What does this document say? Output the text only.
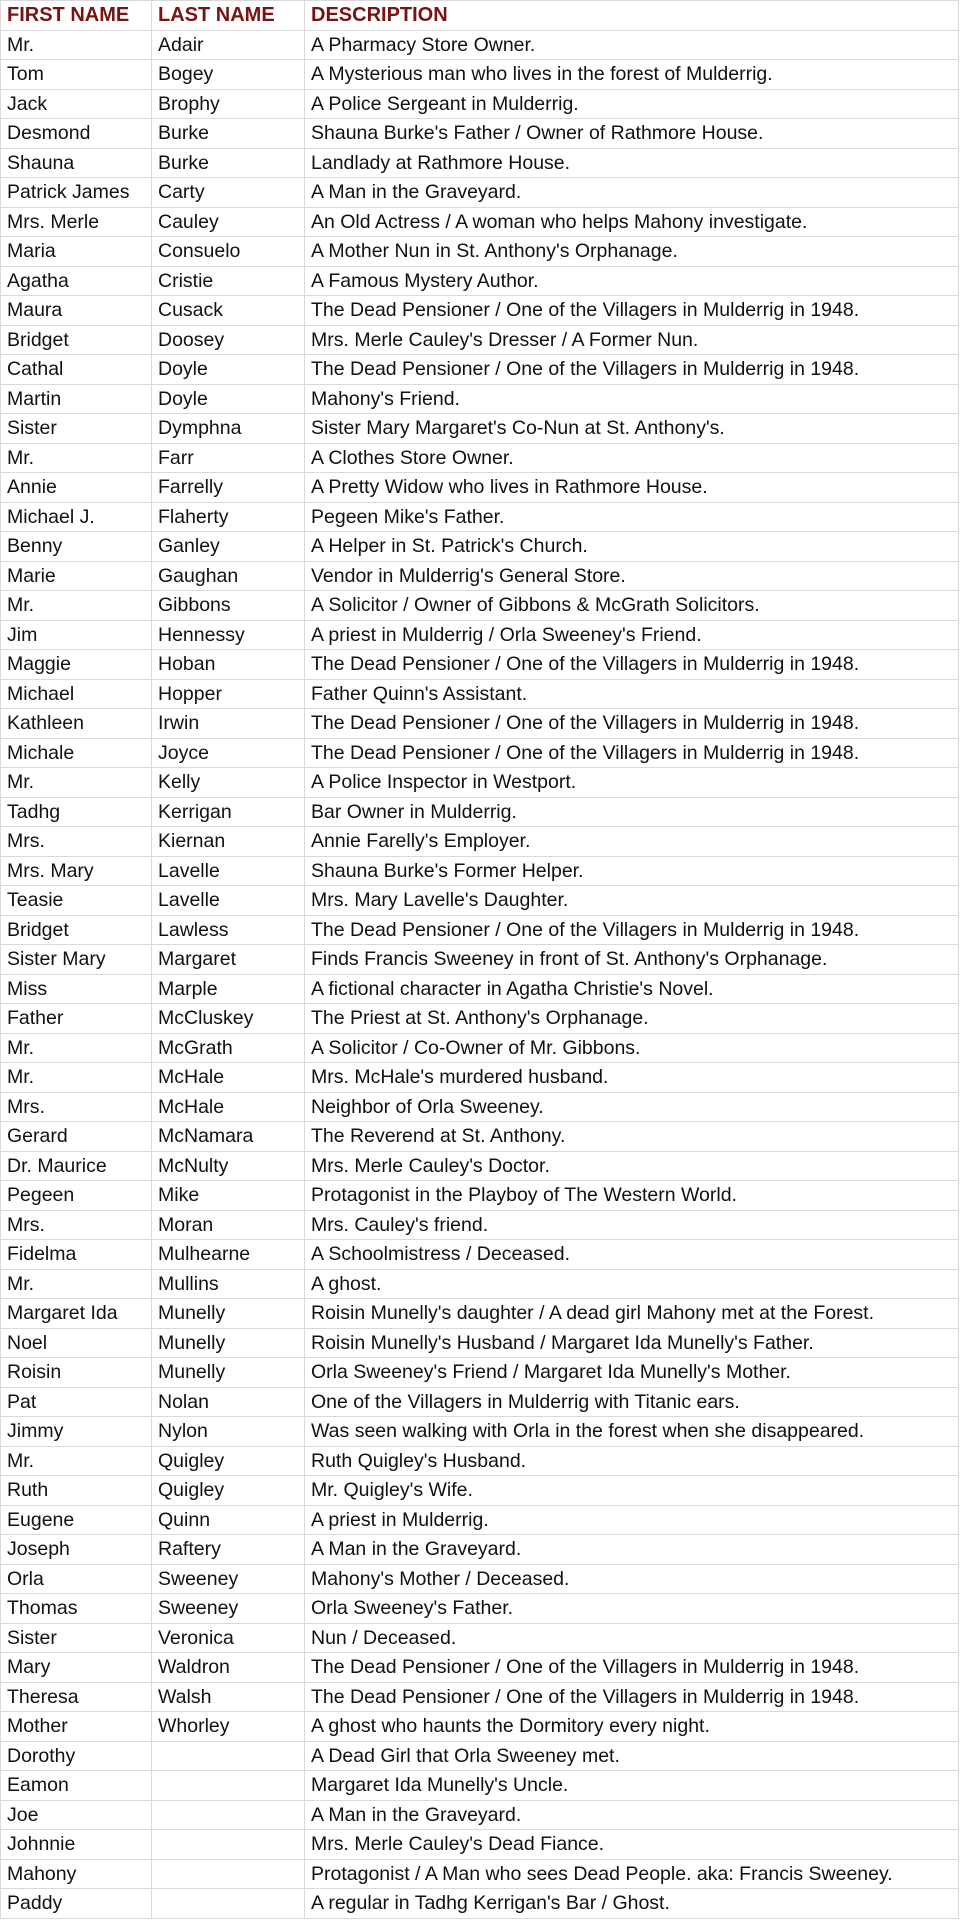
FIRST NAME	LAST NAME	DESCRIPTION
Mr.	Adair	A Pharmacy Store Owner.
Tom	Bogey	A Mysterious man who lives in the forest of Mulderrig.
Jack	Brophy	A Police Sergeant in Mulderrig.
Desmond	Burke	Shauna Burke's Father / Owner of Rathmore House.
Shauna	Burke	Landlady at Rathmore House.
Patrick James	Carty	A Man in the Graveyard.
Mrs. Merle	Cauley	An Old Actress / A woman who helps Mahony investigate.
Maria	Consuelo	A Mother Nun in St. Anthony's Orphanage.
Agatha	Cristie	A Famous Mystery Author.
Maura	Cusack	The Dead Pensioner / One of the Villagers in Mulderrig in 1948.
Bridget	Doosey	Mrs. Merle Cauley's Dresser / A Former Nun.
Cathal	Doyle	The Dead Pensioner / One of the Villagers in Mulderrig in 1948.
Martin	Doyle	Mahony's Friend.
Sister	Dymphna	Sister Mary Margaret's Co-Nun at St. Anthony's.
Mr.	Farr	A Clothes Store Owner.
Annie	Farrelly	A Pretty Widow who lives in Rathmore House.
Michael J.	Flaherty	Pegeen Mike's Father.
Benny	Ganley	A Helper in St. Patrick's Church.
Marie	Gaughan	Vendor in Mulderrig's General Store.
Mr.	Gibbons	A Solicitor / Owner of Gibbons & McGrath Solicitors.
Jim	Hennessy	A priest in Mulderrig / Orla Sweeney's Friend.
Maggie	Hoban	The Dead Pensioner / One of the Villagers in Mulderrig in 1948.
Michael	Hopper	Father Quinn's Assistant.
Kathleen	Irwin	The Dead Pensioner / One of the Villagers in Mulderrig in 1948.
Michale	Joyce	The Dead Pensioner / One of the Villagers in Mulderrig in 1948.
Mr.	Kelly	A Police Inspector in Westport.
Tadhg	Kerrigan	Bar Owner in Mulderrig.
Mrs.	Kiernan	Annie Farelly's Employer.
Mrs. Mary	Lavelle	Shauna Burke's Former Helper.
Teasie	Lavelle	Mrs. Mary Lavelle's Daughter.
Bridget	Lawless	The Dead Pensioner / One of the Villagers in Mulderrig in 1948.
Sister Mary	Margaret	Finds Francis Sweeney in front of St. Anthony's Orphanage.
Miss	Marple	A fictional character in Agatha Christie's Novel.
Father	McCluskey	The Priest at St. Anthony's Orphanage.
Mr.	McGrath	A Solicitor / Co-Owner of Mr. Gibbons.
Mr.	McHale	Mrs. McHale's murdered husband.
Mrs.	McHale	Neighbor of Orla Sweeney.
Gerard	McNamara	The Reverend at St. Anthony.
Dr. Maurice	McNulty	Mrs. Merle Cauley's Doctor.
Pegeen	Mike	Protagonist in the Playboy of The Western World.
Mrs.	Moran	Mrs. Cauley's friend.
Fidelma	Mulhearne	A Schoolmistress / Deceased.
Mr.	Mullins	A ghost.
Margaret Ida	Munelly	Roisin Munelly's daughter / A dead girl Mahony met at the Forest.
Noel	Munelly	Roisin Munelly's Husband / Margaret Ida Munelly's Father.
Roisin	Munelly	Orla Sweeney's Friend / Margaret Ida Munelly's Mother.
Pat	Nolan	One of the Villagers in Mulderrig with Titanic ears.
Jimmy	Nylon	Was seen walking with Orla in the forest when she disappeared.
Mr.	Quigley	Ruth Quigley's Husband.
Ruth	Quigley	Mr. Quigley's Wife.
Eugene	Quinn	A priest in Mulderrig.
Joseph	Raftery	A Man in the Graveyard.
Orla	Sweeney	Mahony's Mother / Deceased.
Thomas	Sweeney	Orla Sweeney's Father.
Sister	Veronica	Nun / Deceased.
Mary	Waldron	The Dead Pensioner / One of the Villagers in Mulderrig in 1948.
Theresa	Walsh	The Dead Pensioner / One of the Villagers in Mulderrig in 1948.
Mother	Whorley	A ghost who haunts the Dormitory every night.
Dorothy		A Dead Girl that Orla Sweeney met.
Eamon		Margaret Ida Munelly's Uncle.
Joe		A Man in the Graveyard.
Johnnie		Mrs. Merle Cauley's Dead Fiance.
Mahony		Protagonist / A Man who sees Dead People. aka: Francis Sweeney.
Paddy		A regular in Tadhg Kerrigan's Bar / Ghost.
